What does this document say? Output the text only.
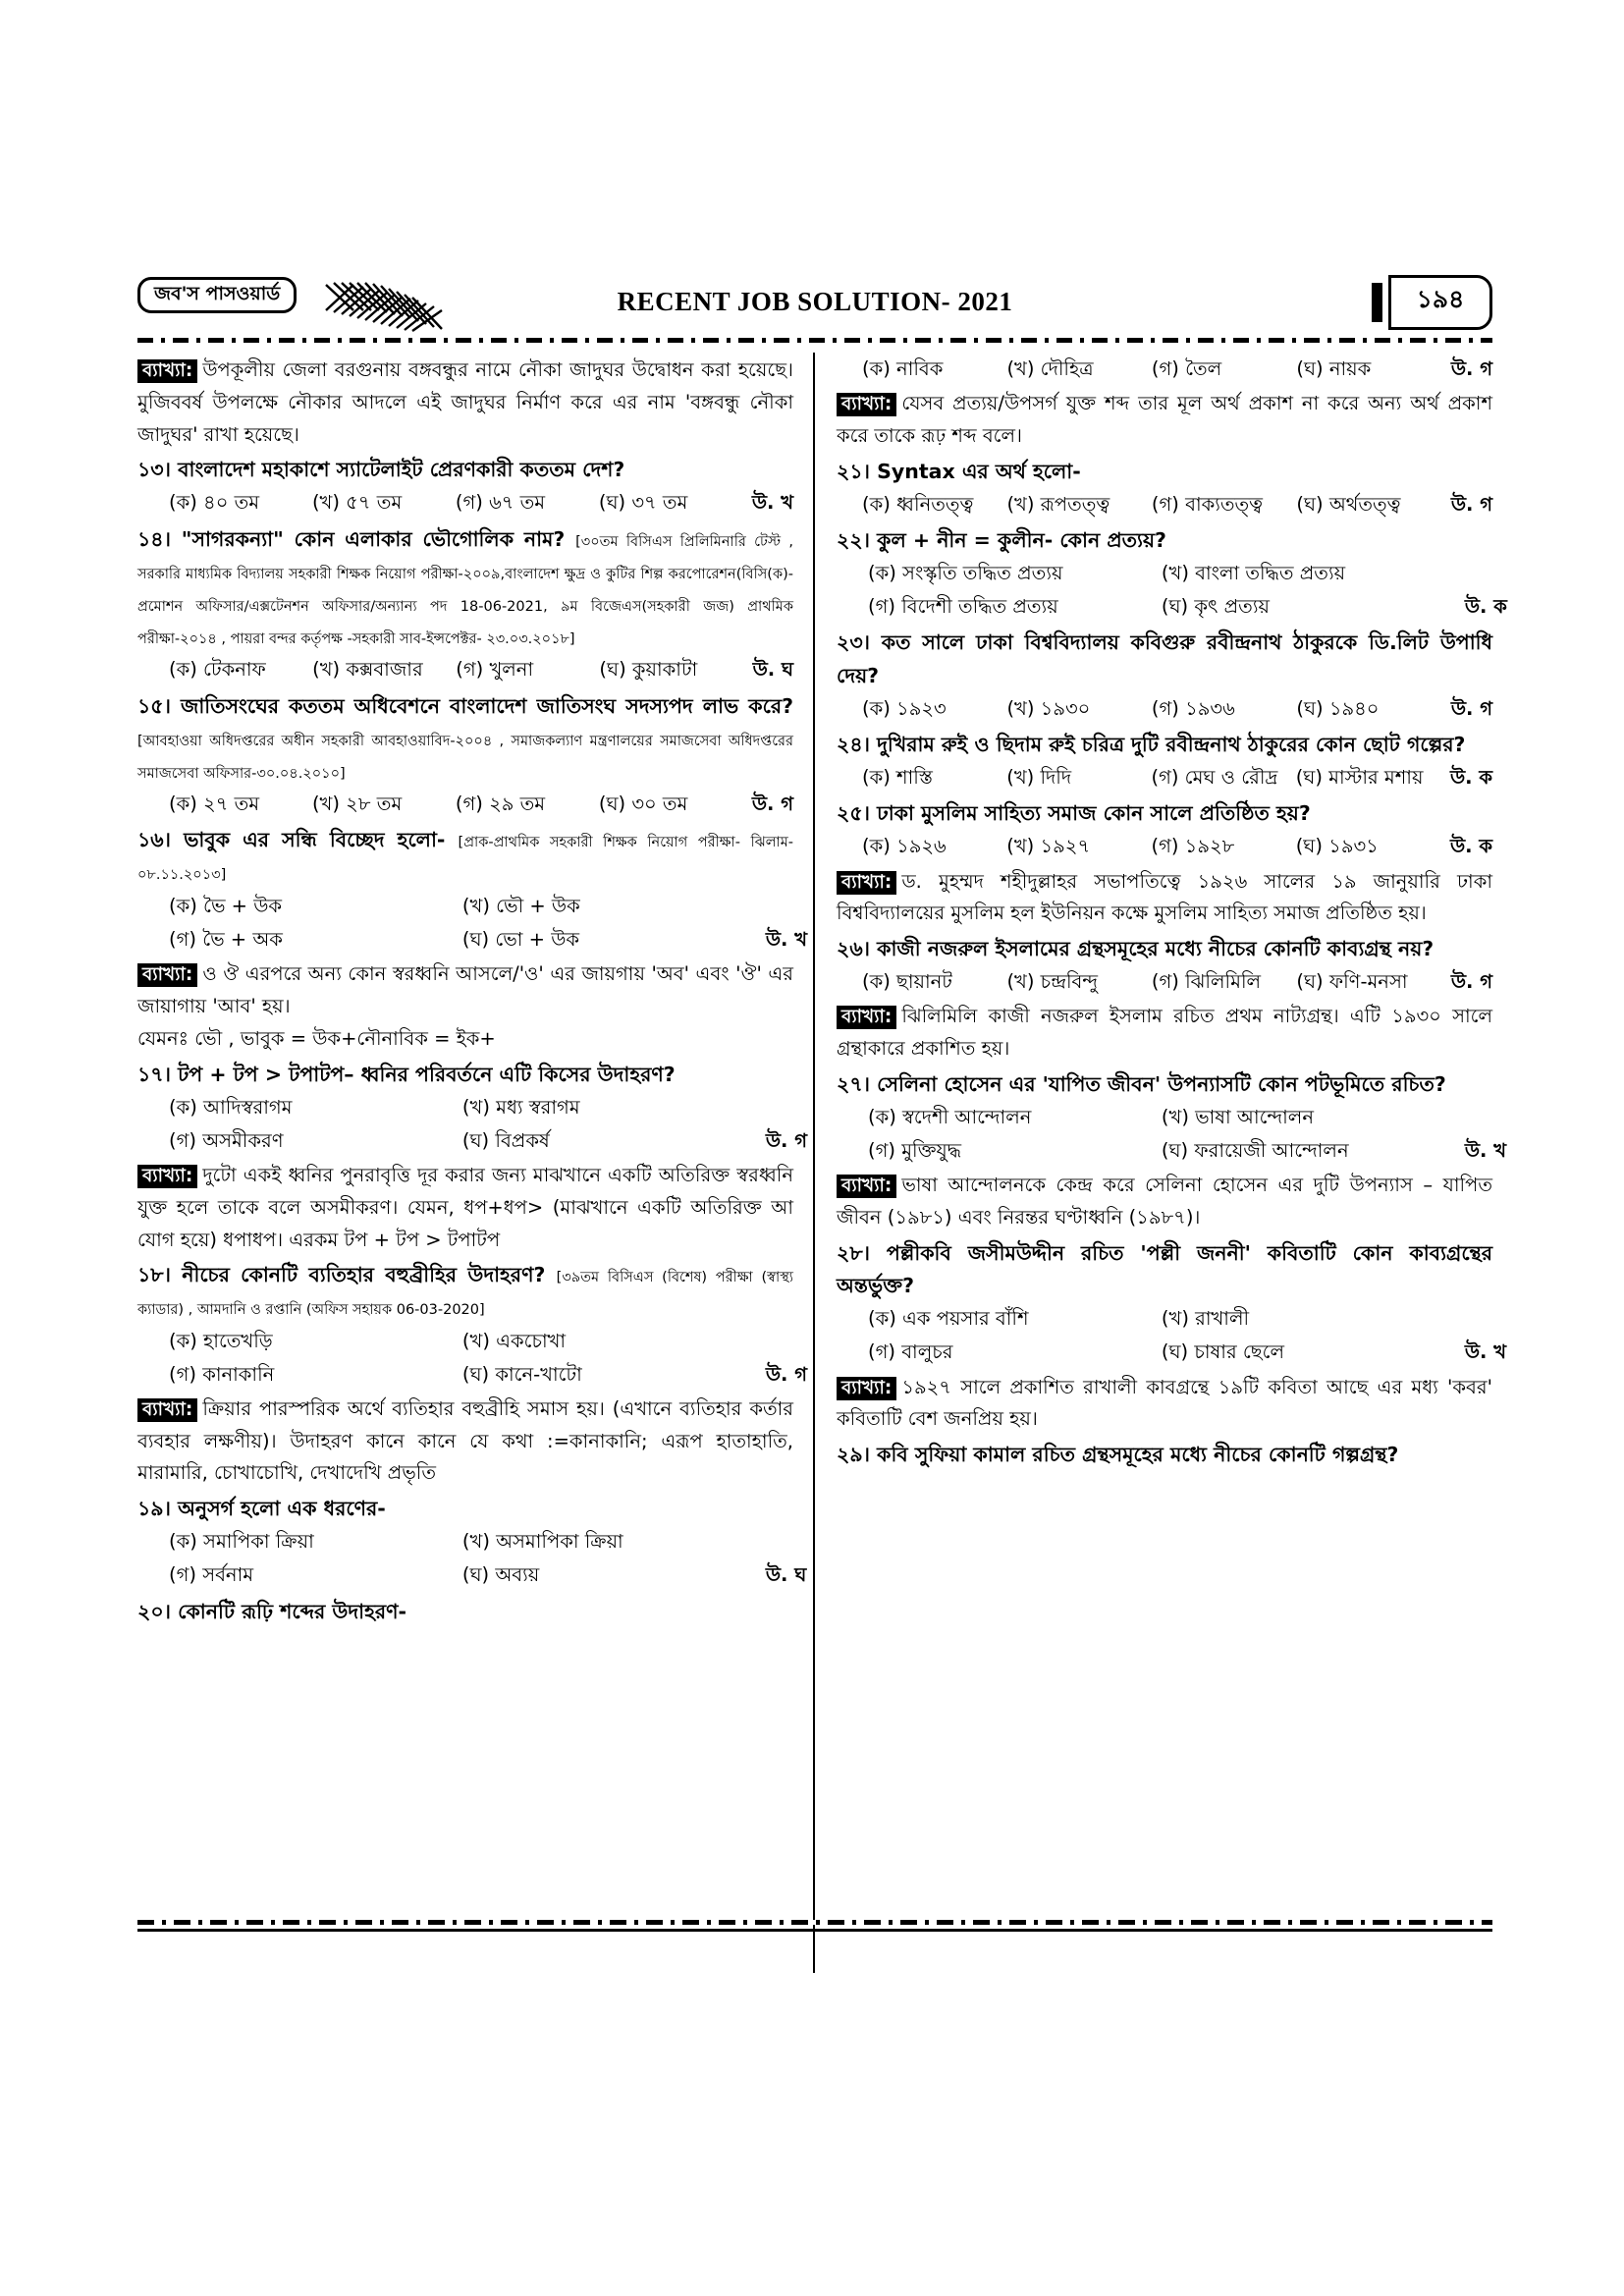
জব'স পাসওয়ার্ড	RECENT JOB SOLUTION- 2021	১৯৪

ব্যাখ্যা: উপকূলীয় জেলা বরগুনায় বঙ্গবন্ধুর নামে নৌকা জাদুঘর উদ্বোধন করা হয়েছে। মুজিববর্ষ উপলক্ষে নৌকার আদলে এই জাদুঘর নির্মাণ করে এর নাম 'বঙ্গবন্ধু নৌকা জাদুঘর' রাখা হয়েছে।

১৩। বাংলাদেশ মহাকাশে স্যাটেলাইট প্রেরণকারী কততম দেশ?

(ক) ৪০ তম	(খ) ৫৭ তম	(গ) ৬৭ তম	(ঘ) ৩৭ তম	উ. খ

১৪। "সাগরকন্যা" কোন এলাকার ভৌগোলিক নাম? [৩০তম বিসিএস প্রিলিমিনারি টেস্ট , সরকারি মাধ্যমিক বিদ্যালয় সহকারী শিক্ষক নিয়োগ পরীক্ষা-২০০৯,বাংলাদেশ ক্ষুদ্র ও কুটির শিল্প করপোরেশন(বিসি(ক)- প্রমোশন অফিসার/এক্সটেনশন অফিসার/অন্যান্য পদ 18-06-2021, ৯ম বিজেএস(সহকারী জজ) প্রাথমিক পরীক্ষা-২০১৪ , পায়রা বন্দর কর্তৃপক্ষ -সহকারী সাব-ইন্সপেক্টর- ২৩.০৩.২০১৮]

(ক) টেকনাফ	(খ) কক্সবাজার	(গ) খুলনা	(ঘ) কুয়াকাটা	উ. ঘ

১৫। জাতিসংঘের কততম অধিবেশনে বাংলাদেশ জাতিসংঘ সদস্যপদ লাভ করে? [আবহাওয়া অধিদপ্তরের অধীন সহকারী আবহাওয়াবিদ-২০০৪ , সমাজকল্যাণ মন্ত্রণালয়ের সমাজসেবা অধিদপ্তরের সমাজসেবা অফিসার-৩০.০৪.২০১০]

(ক) ২৭ তম	(খ) ২৮ তম	(গ) ২৯ তম	(ঘ) ৩০ তম	উ. গ

১৬। ভাবুক এর সন্ধি বিচ্ছেদ হলো- [প্রাক-প্রাথমিক সহকারী শিক্ষক নিয়োগ পরীক্ষা- ঝিলাম- ০৮.১১.২০১৩]

(ক) ভৈ + উক	(খ) ভৌ + উক
(গ) ভৈ + অক	(ঘ) ভো + উক	উ. খ

ব্যাখ্যা: ও ঔ এরপরে অন্য কোন স্বরধ্বনি আসলে/'ও' এর জায়গায় 'অব' এবং 'ঔ' এর জায়াগায় 'আব' হয়।

যেমনঃ ভৌ , ভাবুক = উক+নৌনাবিক = ইক+

১৭। টপ + টপ > টপাটপ– ধ্বনির পরিবর্তনে এটি কিসের উদাহরণ?

(ক) আদিস্বরাগম	(খ) মধ্য স্বরাগম
(গ) অসমীকরণ	(ঘ) বিপ্রকর্ষ	উ. গ

ব্যাখ্যা: দুটো একই ধ্বনির পুনরাবৃত্তি দূর করার জন্য মাঝখানে একটি অতিরিক্ত স্বরধ্বনি যুক্ত হলে তাকে বলে অসমীকরণ। যেমন, ধপ+ধপ> (মাঝখানে একটি অতিরিক্ত আ যোগ হয়ে) ধপাধপ। এরকম টপ + টপ > টপাটপ

১৮। নীচের কোনটি ব্যতিহার বহুব্রীহির উদাহরণ? [৩৯তম বিসিএস (বিশেষ) পরীক্ষা (স্বাস্থ্য ক্যাডার) , আমদানি ও রপ্তানি (অফিস সহায়ক 06-03-2020]

(ক) হাতেখড়ি	(খ) একচোখা
(গ) কানাকানি	(ঘ) কানে-খাটো	উ. গ

ব্যাখ্যা: ক্রিয়ার পারস্পরিক অর্থে ব্যতিহার বহুব্রীহি সমাস হয়। (এখানে ব্যতিহার কর্তার ব্যবহার লক্ষণীয়)। উদাহরণ কানে কানে যে কথা :=কানাকানি; এরূপ হাতাহাতি, মারামারি, চোখাচোখি, দেখাদেখি প্রভৃতি

১৯। অনুসর্গ হলো এক ধরণের-

(ক) সমাপিকা ক্রিয়া	(খ) অসমাপিকা ক্রিয়া
(গ) সর্বনাম	(ঘ) অব্যয়	উ. ঘ

২০। কোনটি রূঢ়ি শব্দের উদাহরণ-

(ক) নাবিক	(খ) দৌহিত্র	(গ) তৈল	(ঘ) নায়ক	উ. গ

ব্যাখ্যা: যেসব প্রত্যয়/উপসর্গ যুক্ত শব্দ তার মূল অর্থ প্রকাশ না করে অন্য অর্থ প্রকাশ করে তাকে রূঢ় শব্দ বলে।

২১। Syntax এর অর্থ হলো-

(ক) ধ্বনিতত্ত্ব	(খ) রূপতত্ত্ব	(গ) বাক্যতত্ত্ব	(ঘ) অর্থতত্ত্ব	উ. গ

২২। কুল + নীন = কুলীন- কোন প্রত্যয়?

(ক) সংস্কৃতি তদ্ধিত প্রত্যয়	(খ) বাংলা তদ্ধিত প্রত্যয়
(গ) বিদেশী তদ্ধিত প্রত্যয়	(ঘ) কৃৎ প্রত্যয়	উ. ক

২৩। কত সালে ঢাকা বিশ্ববিদ্যালয় কবিগুরু রবীন্দ্রনাথ ঠাকুরকে ডি.লিট উপাধি দেয়?

(ক) ১৯২৩	(খ) ১৯৩০	(গ) ১৯৩৬	(ঘ) ১৯৪০	উ. গ

২৪। দুখিরাম রুই ও ছিদাম রুই চরিত্র দুটি রবীন্দ্রনাথ ঠাকুরের কোন ছোট গল্পের?

(ক) শাস্তি	(খ) দিদি	(গ) মেঘ ও রৌদ্র (ঘ) মাস্টার মশায়	উ. ক

২৫। ঢাকা মুসলিম সাহিত্য সমাজ কোন সালে প্রতিষ্ঠিত হয়?

(ক) ১৯২৬	(খ) ১৯২৭	(গ) ১৯২৮	(ঘ) ১৯৩১	উ. ক

ব্যাখ্যা: ড. মুহম্মদ শহীদুল্লাহর সভাপতিত্বে ১৯২৬ সালের ১৯ জানুয়ারি ঢাকা বিশ্ববিদ্যালয়ের মুসলিম হল ইউনিয়ন কক্ষে মুসলিম সাহিত্য সমাজ প্রতিষ্ঠিত হয়।

২৬। কাজী নজরুল ইসলামের গ্রন্থসমূহের মধ্যে নীচের কোনটি কাব্যগ্রন্থ নয়?

(ক) ছায়ানট	(খ) চন্দ্রবিন্দু	(গ) ঝিলিমিলি	(ঘ) ফণি-মনসা	উ. গ

ব্যাখ্যা: ঝিলিমিলি কাজী নজরুল ইসলাম রচিত প্রথম নাট্যগ্রন্থ। এটি ১৯৩০ সালে গ্রন্থাকারে প্রকাশিত হয়।

২৭। সেলিনা হোসেন এর 'যাপিত জীবন' উপন্যাসটি কোন পটভূমিতে রচিত?

(ক) স্বদেশী আন্দোলন	(খ) ভাষা আন্দোলন
(গ) মুক্তিযুদ্ধ	(ঘ) ফরায়েজী আন্দোলন	উ. খ

ব্যাখ্যা: ভাষা আন্দোলনকে কেন্দ্র করে সেলিনা হোসেন এর দুটি উপন্যাস – যাপিত জীবন (১৯৮১) এবং নিরন্তর ঘণ্টাধ্বনি (১৯৮৭)।

২৮। পল্লীকবি জসীমউদ্দীন রচিত 'পল্লী জননী' কবিতাটি কোন কাব্যগ্রন্থের অন্তর্ভুক্ত?

(ক) এক পয়সার বাঁশি	(খ) রাখালী
(গ) বালুচর	(ঘ) চাষার ছেলে	উ. খ

ব্যাখ্যা: ১৯২৭ সালে প্রকাশিত রাখালী কাবগ্রন্থে ১৯টি কবিতা আছে এর মধ্য 'কবর' কবিতাটি বেশ জনপ্রিয় হয়।

২৯। কবি সুফিয়া কামাল রচিত গ্রন্থসমূহের মধ্যে নীচের কোনটি গল্পগ্রন্থ?
